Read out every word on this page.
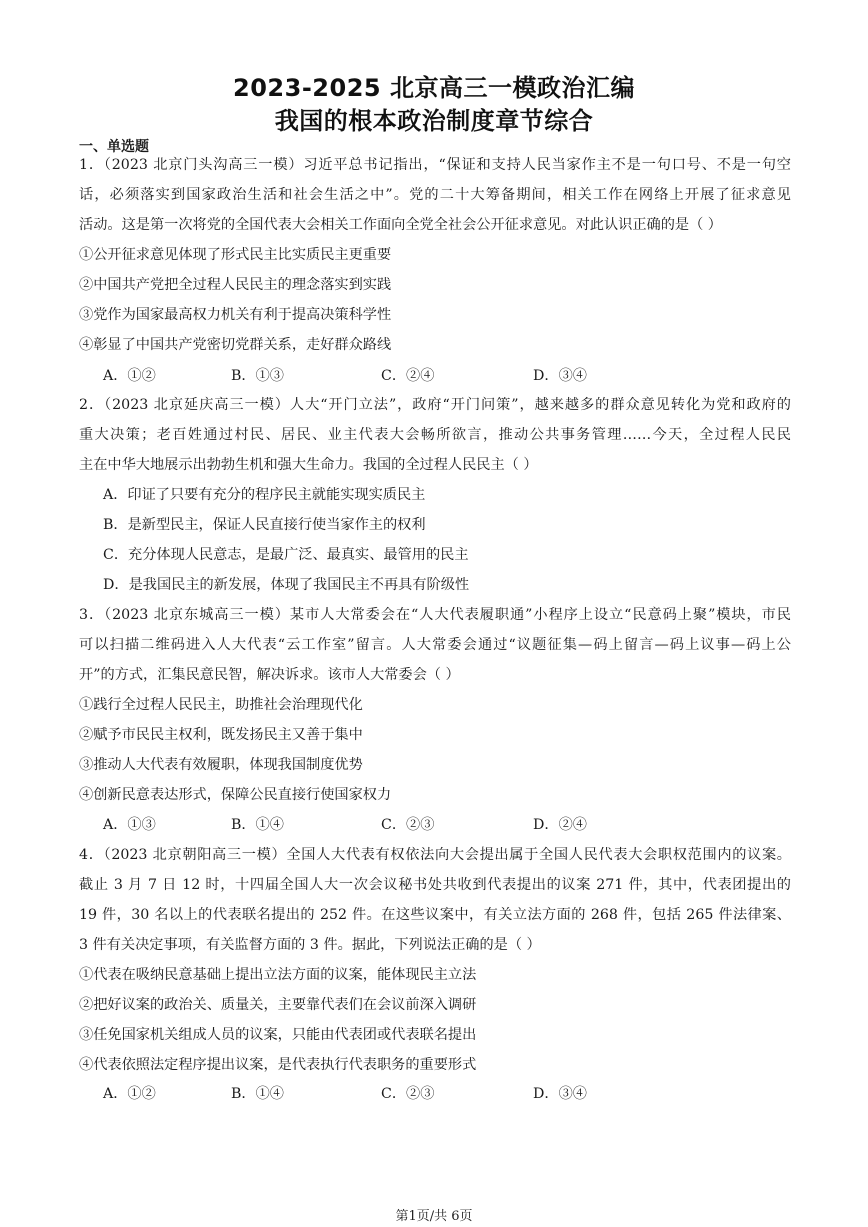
2023-2025 北京高三一模政治汇编
我国的根本政治制度章节综合
一、单选题
1．（2023 北京门头沟高三一模）习近平总书记指出，“保证和支持人民当家作主不是一句口号、不是一句空
话，必须落实到国家政治生活和社会生活之中”。党的二十大筹备期间，相关工作在网络上开展了征求意见
活动。这是第一次将党的全国代表大会相关工作面向全党全社会公开征求意见。对此认识正确的是（ ）
①公开征求意见体现了形式民主比实质民主更重要
②中国共产党把全过程人民民主的理念落实到实践
③党作为国家最高权力机关有利于提高决策科学性
④彰显了中国共产党密切党群关系，走好群众路线
A．①②	B．①③	C．②④	D．③④
2．（2023 北京延庆高三一模）人大“开门立法”，政府“开门问策”，越来越多的群众意见转化为党和政府的
重大决策；老百姓通过村民、居民、业主代表大会畅所欲言，推动公共事务管理……今天，全过程人民民
主在中华大地展示出勃勃生机和强大生命力。我国的全过程人民民主（ ）
A．印证了只要有充分的程序民主就能实现实质民主
B．是新型民主，保证人民直接行使当家作主的权利
C．充分体现人民意志，是最广泛、最真实、最管用的民主
D．是我国民主的新发展，体现了我国民主不再具有阶级性
3．（2023 北京东城高三一模）某市人大常委会在“人大代表履职通”小程序上设立“民意码上聚”模块，市民
可以扫描二维码进入人大代表“云工作室”留言。人大常委会通过“议题征集—码上留言—码上议事—码上公
开”的方式，汇集民意民智，解决诉求。该市人大常委会（ ）
①践行全过程人民民主，助推社会治理现代化
②赋予市民民主权利，既发扬民主又善于集中
③推动人大代表有效履职，体现我国制度优势
④创新民意表达形式，保障公民直接行使国家权力
A．①③	B．①④	C．②③	D．②④
4．（2023 北京朝阳高三一模）全国人大代表有权依法向大会提出属于全国人民代表大会职权范围内的议案。
截止 3 月 7 日 12 时，十四届全国人大一次会议秘书处共收到代表提出的议案 271 件，其中，代表团提出的
19 件，30 名以上的代表联名提出的 252 件。在这些议案中，有关立法方面的 268 件，包括 265 件法律案、
3 件有关决定事项，有关监督方面的 3 件。据此，下列说法正确的是（ ）
①代表在吸纳民意基础上提出立法方面的议案，能体现民主立法
②把好议案的政治关、质量关，主要靠代表们在会议前深入调研
③任免国家机关组成人员的议案，只能由代表团或代表联名提出
④代表依照法定程序提出议案，是代表执行代表职务的重要形式
A．①②	B．①④	C．②③	D．③④
第1页/共 6页
